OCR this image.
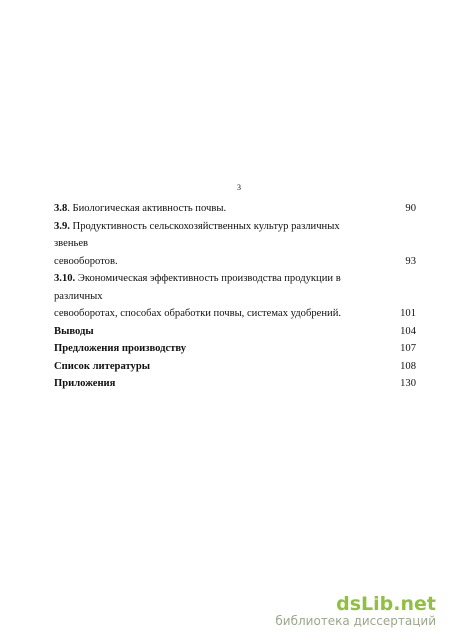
3
3.8. Биологическая активность почвы.	90
3.9. Продуктивность сельскохозяйственных культур различных звеньев
севооборотов.	93
3.10. Экономическая эффективность производства продукции в различных
севооборотах, способах обработки почвы, системах удобрений.	101
Выводы	104
Предложения производству	107
Список литературы	108
Приложения	130
dsLib.net
библиотека диссертаций
